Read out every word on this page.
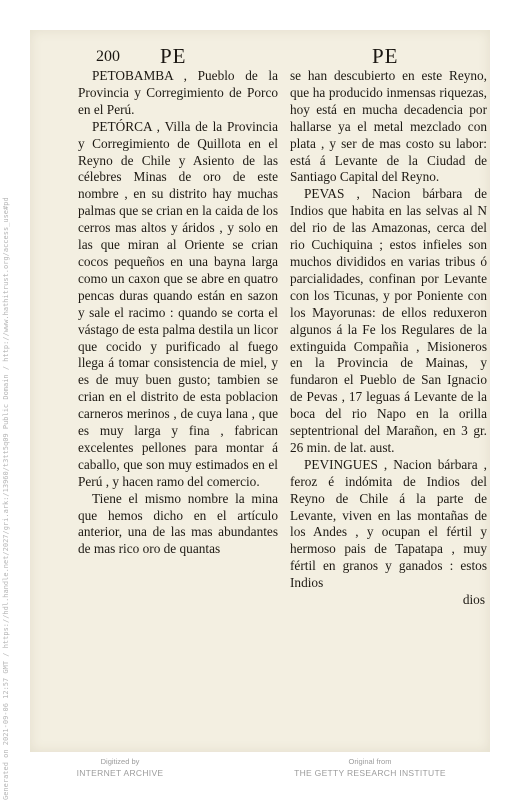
200 PE	PE

PETOBAMBA , Pueblo de la Provincia y Corregimiento de Porco en el Perú.

PETÓRCA , Villa de la Provincia y Corregimiento de Quillota en el Reyno de Chile y Asiento de las célebres Minas de oro de este nombre , en su distrito hay muchas palmas que se crian en la caida de los cerros mas altos y áridos , y solo en las que miran al Oriente se crian cocos pequeños en una bayna larga como un caxon que se abre en quatro pencas duras quando están en sazon y sale el racimo : quando se corta el vástago de esta palma destila un licor que cocido y purificado al fuego llega á tomar consistencia de miel, y es de muy buen gusto; tambien se crian en el distrito de esta poblacion carneros merinos , de cuya lana , que es muy larga y fina , fabrican excelentes pellones para montar á caballo, que son muy estimados en el Perú , y hacen ramo del comercio.

Tiene el mismo nombre la mina que hemos dicho en el artículo anterior, una de las mas abundantes de mas rico oro de quantas

se han descubierto en este Reyno, que ha producido inmensas riquezas, hoy está en mucha decadencia por hallarse ya el metal mezclado con plata , y ser de mas costo su labor: está á Levante de la Ciudad de Santiago Capital del Reyno.

PEVAS , Nacion bárbara de Indios que habita en las selvas al N del rio de las Amazonas, cerca del rio Cuchiquina ; estos infieles son muchos divididos en varias tribus ó parcialidades, confinan por Levante con los Ticunas, y por Poniente con los Mayorunas: de ellos reduxeron algunos á la Fe los Regulares de la extinguida Compañia , Misioneros en la Provincia de Mainas, y fundaron el Pueblo de San Ignacio de Pevas , 17 leguas á Levante de la boca del rio Napo en la orilla septentrional del Marañon, en 3 gr. 26 min. de lat. aust.

PEVINGUES , Nacion bárbara , feroz é indómita de Indios del Reyno de Chile á la parte de Levante, viven en las montañas de los Andes , y ocupan el fértil y hermoso pais de Tapatapa , muy fértil en granos y ganados : estos Indios

dios
Generated on 2021-09-06 12:57 GMT / https://hdl.handle.net/2027/gri.ark:/13960/t3tt5q09 Public Domain / http://www.hathitrust.org/access_use#pd	Digitized by
INTERNET ARCHIVE
Original from
THE GETTY RESEARCH INSTITUTE
